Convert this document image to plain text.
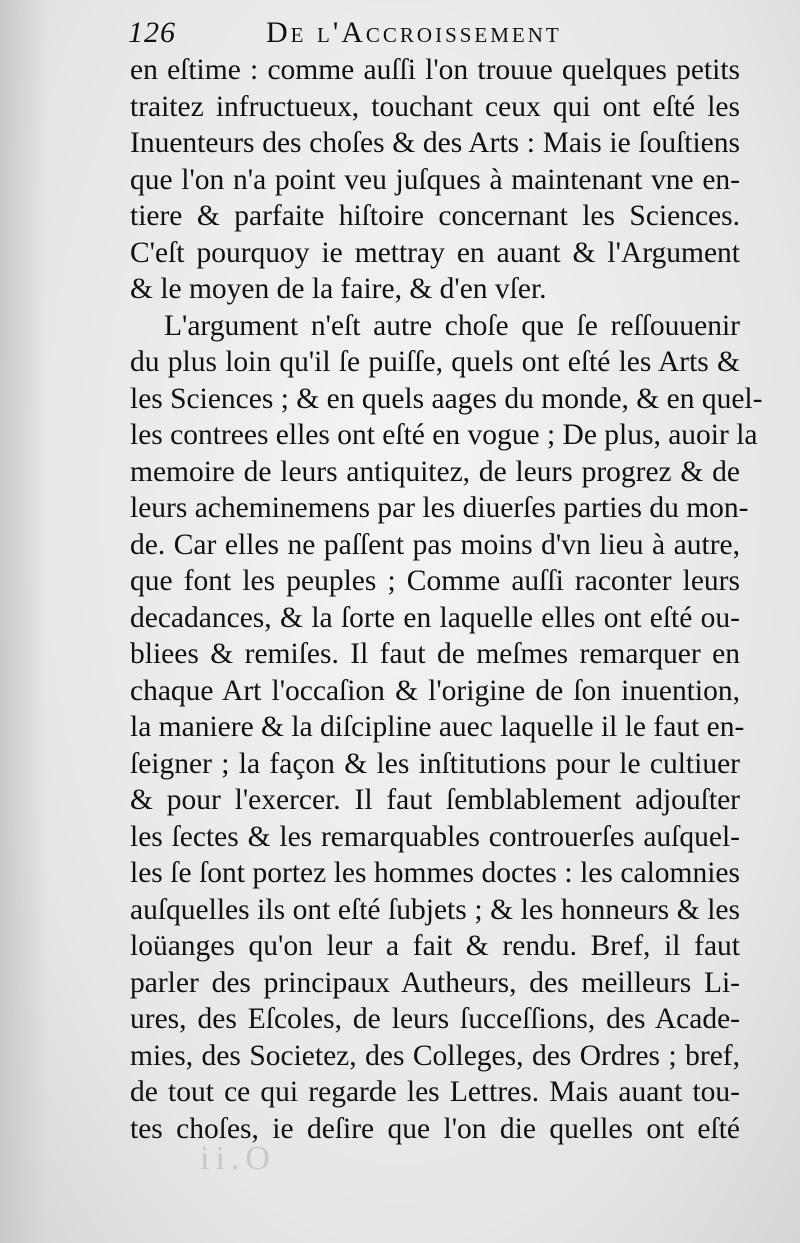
126	De l'Accroissement
en eſtime : comme auſſi l'on trouue quelques petits
traitez infructueux, touchant ceux qui ont eſté les
Inuenteurs des choſes & des Arts : Mais ie ſouſtiens
que l'on n'a point veu juſques à maintenant vne en-
tiere & parfaite hiſtoire concernant les Sciences.
C'eſt pourquoy ie mettray en auant & l'Argument
& le moyen de la faire, & d'en vſer.
L'argument n'eſt autre choſe que ſe reſſouuenir
du plus loin qu'il ſe puiſſe, quels ont eſté les Arts &
les Sciences ; & en quels aages du monde, & en quel-
les contrees elles ont eſté en vogue ; De plus, auoir la
memoire de leurs antiquitez, de leurs progrez & de
leurs acheminemens par les diuerſes parties du mon-
de. Car elles ne paſſent pas moins d'vn lieu à autre,
que font les peuples ; Comme auſſi raconter leurs
decadances, & la ſorte en laquelle elles ont eſté ou-
bliees & remiſes. Il faut de meſmes remarquer en
chaque Art l'occaſion & l'origine de ſon inuention,
la maniere & la diſcipline auec laquelle il le faut en-
ſeigner ; la façon & les inſtitutions pour le cultiuer
& pour l'exercer. Il faut ſemblablement adjouſter
les ſectes & les remarquables controuerſes auſquel-
les ſe ſont portez les hommes doctes : les calomnies
auſquelles ils ont eſté ſubjets ; & les honneurs & les
loüanges qu'on leur a fait & rendu. Bref, il faut
parler des principaux Autheurs, des meilleurs Li-
ures, des Eſcoles, de leurs ſucceſſions, des Acade-
mies, des Societez, des Colleges, des Ordres ; bref,
de tout ce qui regarde les Lettres. Mais auant tou-
tes choſes, ie deſire que l'on die quelles ont eſté
ii.O
